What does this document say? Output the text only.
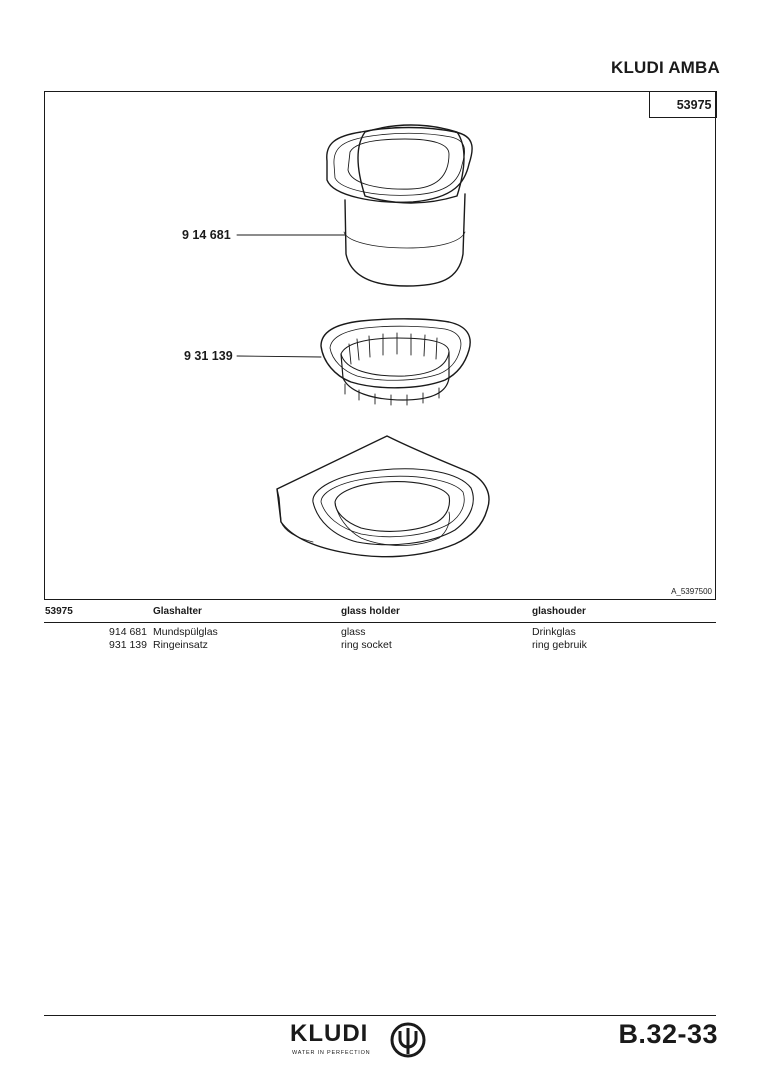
KLUDI AMBA
53975
9 14 681
9 31 139
A_5397500
53975	Glashalter	glass holder	glashouder
914 681 Mundspülglas	glass	Drinkglas
931 139 Ringeinsatz	ring socket	ring gebruik
KLUDI
WATER IN PERFECTION
B.32-33
